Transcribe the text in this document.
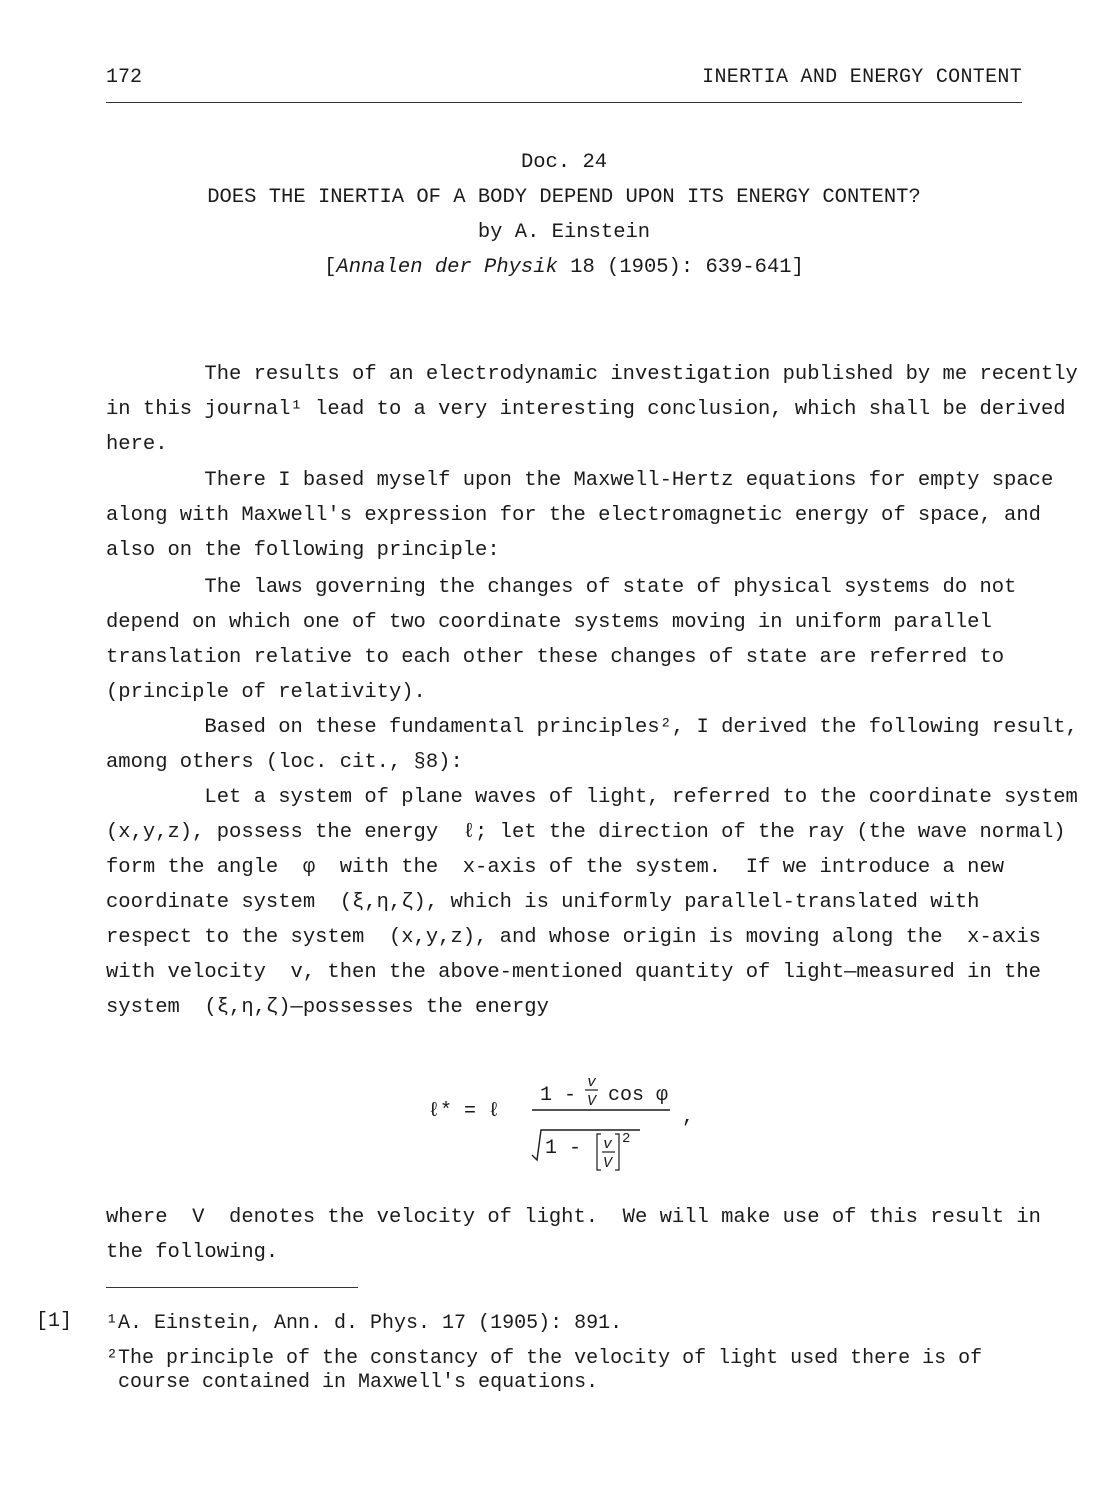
172	INERTIA AND ENERGY CONTENT
Doc. 24
DOES THE INERTIA OF A BODY DEPEND UPON ITS ENERGY CONTENT?
by A. Einstein
[Annalen der Physik 18 (1905): 639-641]
The results of an electrodynamic investigation published by me recently
in this journal¹ lead to a very interesting conclusion, which shall be derived
here.
There I based myself upon the Maxwell-Hertz equations for empty space
along with Maxwell's expression for the electromagnetic energy of space, and
also on the following principle:
The laws governing the changes of state of physical systems do not
depend on which one of two coordinate systems moving in uniform parallel
translation relative to each other these changes of state are referred to
(principle of relativity).
Based on these fundamental principles², I derived the following result,
among others (loc. cit., §8):
Let a system of plane waves of light, referred to the coordinate system
(x,y,z), possess the energy  ℓ; let the direction of the ray (the wave normal)
form the angle  φ  with the  x-axis of the system.  If we introduce a new
coordinate system  (ξ,η,ζ), which is uniformly parallel-translated with
respect to the system  (x,y,z), and whose origin is moving along the  x-axis
with velocity  v, then the above-mentioned quantity of light—measured in the
system  (ξ,η,ζ)—possesses the energy
ℓ* = ℓ
1 -
v
V cos φ
1 - v
V
2
,
where  V  denotes the velocity of light.  We will make use of this result in
the following.
[1] ¹A. Einstein, Ann. d. Phys. 17 (1905): 891.
²The principle of the constancy of the velocity of light used there is of
course contained in Maxwell's equations.
